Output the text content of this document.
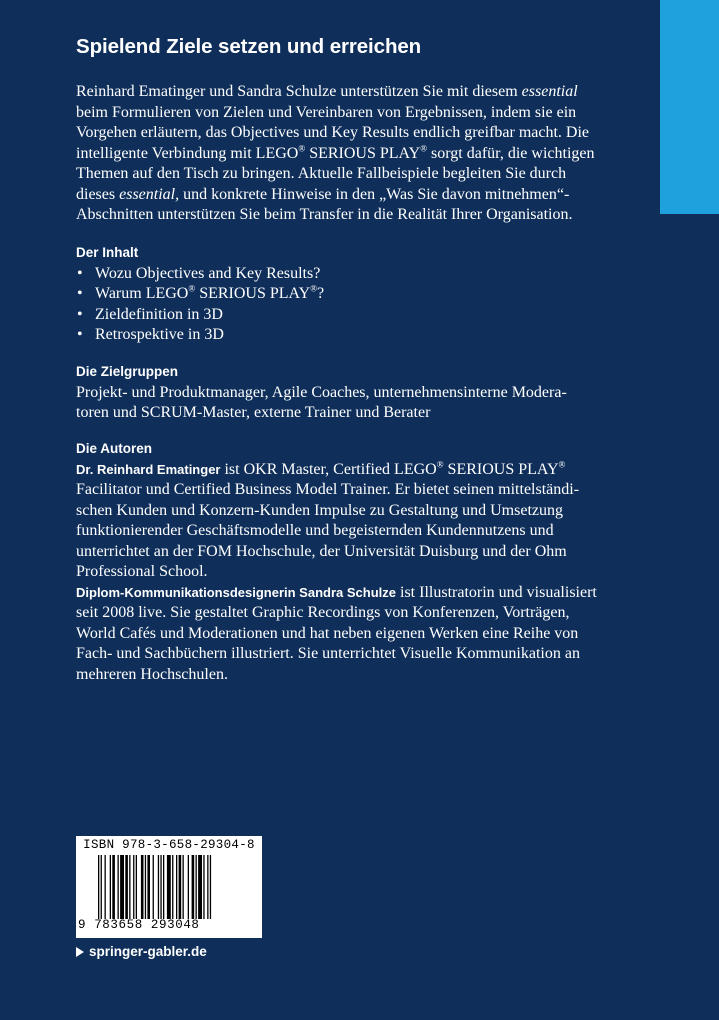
Spielend Ziele setzen und erreichen

Reinhard Ematinger und Sandra Schulze unterstützen Sie mit diesem essential
beim Formulieren von Zielen und Vereinbaren von Ergebnissen, indem sie ein
Vorgehen erläutern, das Objectives und Key Results endlich greifbar macht. Die
intelligente Verbindung mit LEGO® SERIOUS PLAY® sorgt dafür, die wichtigen
Themen auf den Tisch zu bringen. Aktuelle Fallbeispiele begleiten Sie durch
dieses essential, und konkrete Hinweise in den „Was Sie davon mitnehmen“-
Abschnitten unterstützen Sie beim Transfer in die Realität Ihrer Organisation.

Der Inhalt
• Wozu Objectives and Key Results?
• Warum LEGO® SERIOUS PLAY®?
• Zieldefinition in 3D
• Retrospektive in 3D
Die Zielgruppen
Projekt- und Produktmanager, Agile Coaches, unternehmensinterne Modera-
toren und SCRUM-Master, externe Trainer und Berater
Die Autoren
Dr. Reinhard Ematinger ist OKR Master, Certified LEGO® SERIOUS PLAY®
Facilitator und Certified Business Model Trainer. Er bietet seinen mittelständi-
schen Kunden und Konzern-Kunden Impulse zu Gestaltung und Umsetzung
funktionierender Geschäftsmodelle und begeisternden Kundennutzens und
unterrichtet an der FOM Hochschule, der Universität Duisburg und der Ohm
Professional School.
Diplom-Kommunikationsdesignerin Sandra Schulze ist Illustratorin und visualisiert
seit 2008 live. Sie gestaltet Graphic Recordings von Konferenzen, Vorträgen,
World Cafés und Moderationen und hat neben eigenen Werken eine Reihe von
Fach- und Sachbüchern illustriert. Sie unterrichtet Visuelle Kommunikation an
mehreren Hochschulen.
ISBN 978-3-658-29304-8
9 783658 293048
springer-gabler.de
